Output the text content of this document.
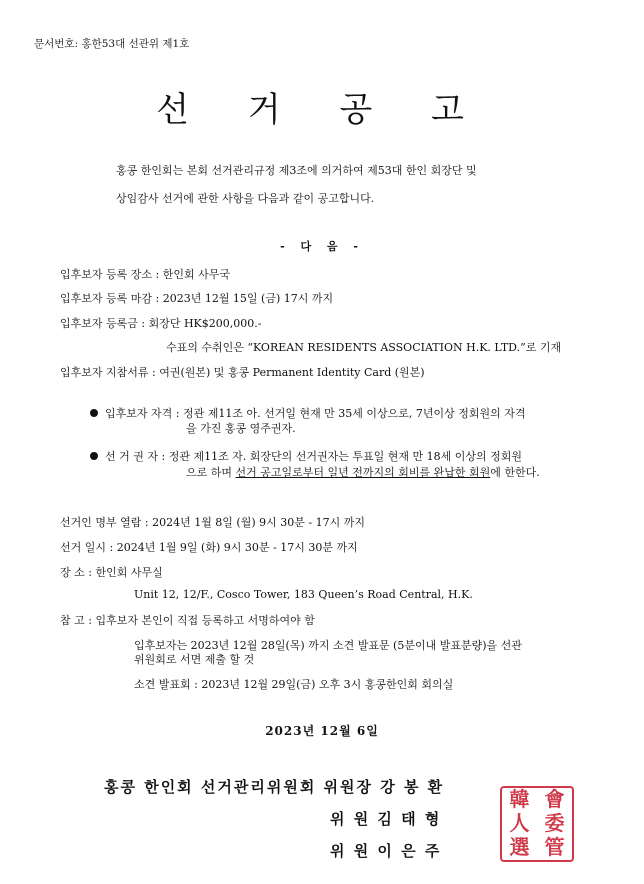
문서번호: 홍한53대 선관위 제1호
선 거 공 고
홍콩 한인회는 본회 선거관리규정 제3조에 의거하여 제53대 한인 회장단 및
상임감사 선거에 관한 사항을 다음과 같이 공고합니다.
- 다 음 -
입후보자 등록 장소 : 한인회 사무국
입후보자 등록 마감 : 2023년 12월 15일 (금) 17시 까지
입후보자 등록금 : 회장단 HK$200,000.-
수표의 수취인은 “KOREAN RESIDENTS ASSOCIATION H.K. LTD.”로 기재
입후보자 지참서류 : 여권(원본) 및 홍콩 Permanent Identity Card (원본)
입후보자 자격 : 정관 제11조 아. 선거일 현재 만 35세 이상으로, 7년이상 정회원의 자격
을 가진 홍콩 영주권자.
선 거 권 자 : 정관 제11조 자. 회장단의 선거권자는 투표일 현재 만 18세 이상의 정회원
으로 하며 선거 공고일로부터 일년 전까지의 회비를 완납한 회원에 한한다.
선거인 명부 열람 : 2024년 1월 8일 (월) 9시 30분 - 17시 까지
선거 일시 : 2024년 1월 9일 (화) 9시 30분 - 17시 30분 까지
장 소 : 한인회 사무실
Unit 12, 12/F., Cosco Tower, 183 Queen’s Road Central, H.K.
참 고 : 입후보자 본인이 직접 등록하고 서명하여야 함
입후보자는 2023년 12월 28일(목) 까지 소견 발표문 (5분이내 발표분량)을 선관
위원회로 서면 제출 할 것
소견 발표회 : 2023년 12월 29일(금) 오후 3시 홍콩한인회 회의실
2023년 12월 6일
홍콩 한인회 선거관리위원회 위원장 강 봉 환
위 원 김 태 형
위 원 이 은 주
韓 會
人 委
選 管
